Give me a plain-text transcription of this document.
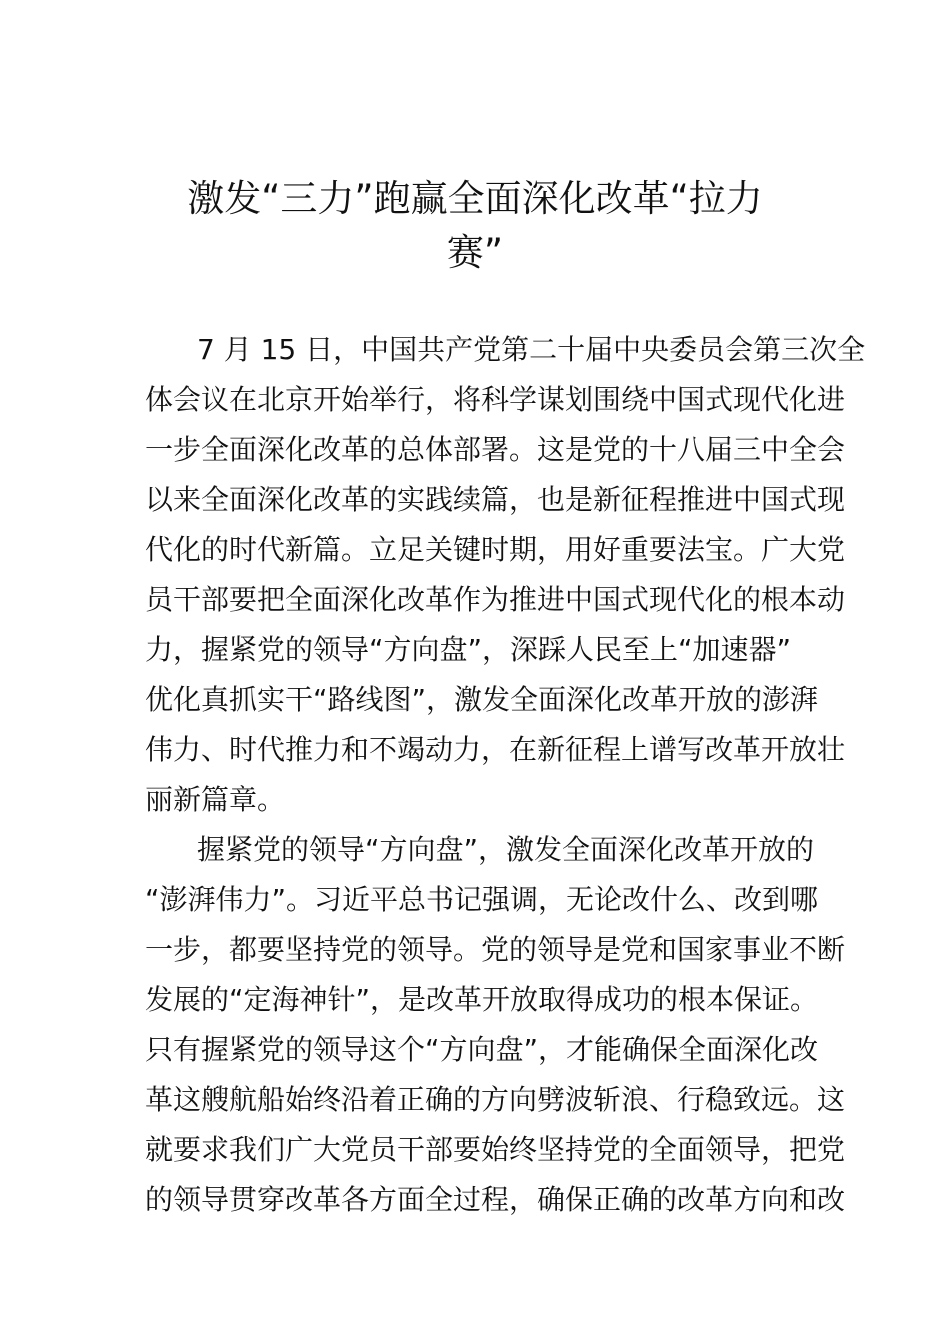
激发“三力”跑赢全面深化改革“拉力
赛”

7 月 15 日，中国共产党第二十届中央委员会第三次全
体会议在北京开始举行，将科学谋划围绕中国式现代化进
一步全面深化改革的总体部署。这是党的十八届三中全会
以来全面深化改革的实践续篇，也是新征程推进中国式现
代化的时代新篇。立足关键时期，用好重要法宝。广大党
员干部要把全面深化改革作为推进中国式现代化的根本动
力，握紧党的领导“方向盘”，深踩人民至上“加速器”
优化真抓实干“路线图”，激发全面深化改革开放的澎湃
伟力、时代推力和不竭动力，在新征程上谱写改革开放壮
丽新篇章。

握紧党的领导“方向盘”，激发全面深化改革开放的
“澎湃伟力”。习近平总书记强调，无论改什么、改到哪
一步，都要坚持党的领导。党的领导是党和国家事业不断
发展的“定海神针”，是改革开放取得成功的根本保证。
只有握紧党的领导这个“方向盘”，才能确保全面深化改
革这艘航船始终沿着正确的方向劈波斩浪、行稳致远。这
就要求我们广大党员干部要始终坚持党的全面领导，把党
的领导贯穿改革各方面全过程，确保正确的改革方向和改
